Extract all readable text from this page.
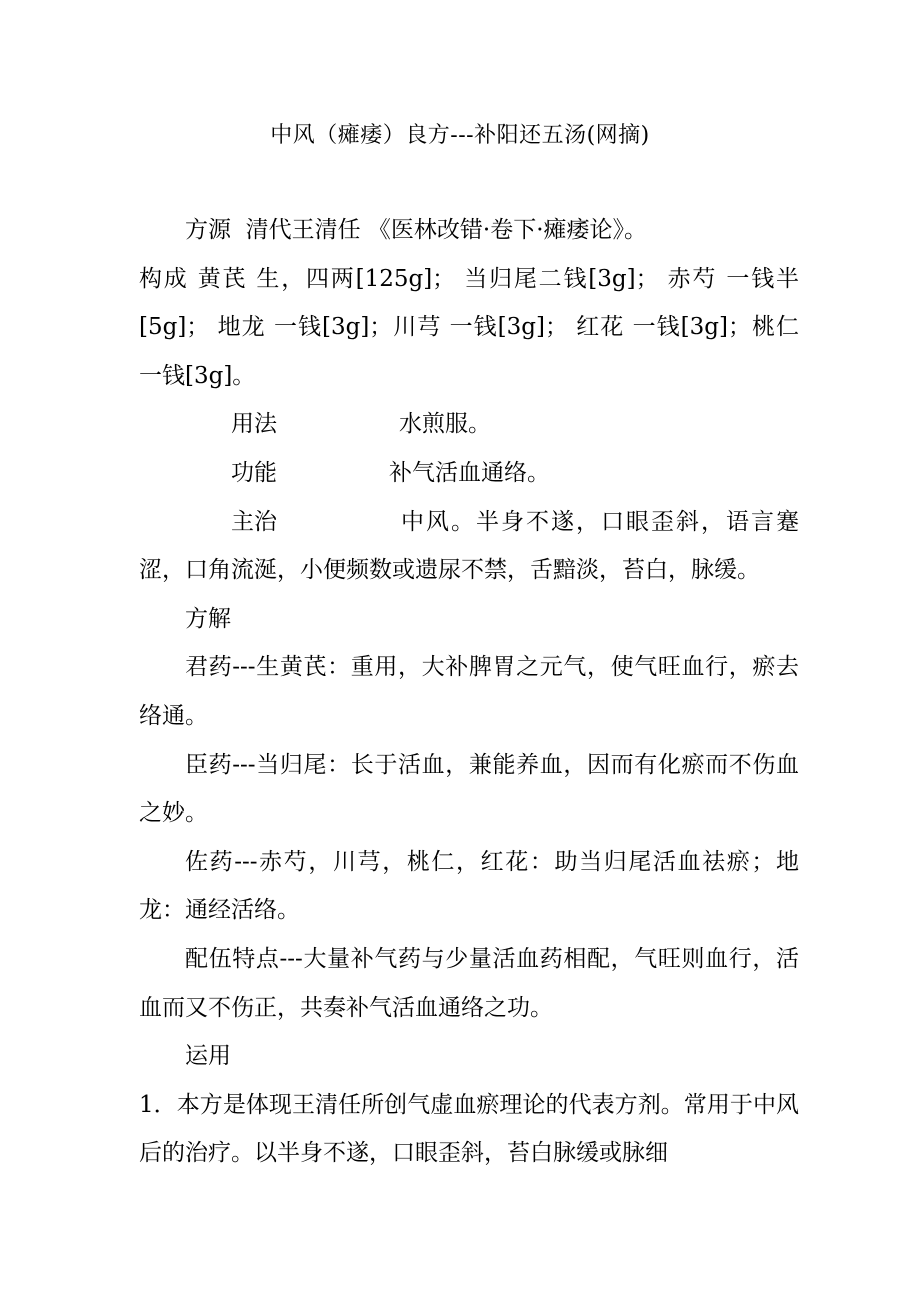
中风（瘫痿）良方---补阳还五汤(网摘)

方源 清代王清任 《医林改错·卷下·瘫痿论》。

构成 黄芪 生，四两[125g]； 当归尾二钱[3g]； 赤芍 一钱半[5g]； 地龙 一钱[3g]；川芎 一钱[3g]； 红花 一钱[3g]；桃仁一钱[3g]。

用法	水煎服。

功能	补气活血通络。

主治	中风。半身不遂，口眼歪斜，语言蹇涩，口角流涎，小便频数或遗尿不禁，舌黯淡，苔白，脉缓。

方解

君药---生黄芪：重用，大补脾胃之元气，使气旺血行，瘀去络通。

臣药---当归尾：长于活血，兼能养血，因而有化瘀而不伤血之妙。

佐药---赤芍，川芎，桃仁，红花：助当归尾活血祛瘀；地龙：通经活络。

配伍特点---大量补气药与少量活血药相配，气旺则血行，活血而又不伤正，共奏补气活血通络之功。

运用

1．本方是体现王清任所创气虚血瘀理论的代表方剂。常用于中风后的治疗。以半身不遂，口眼歪斜，苔白脉缓或脉细
